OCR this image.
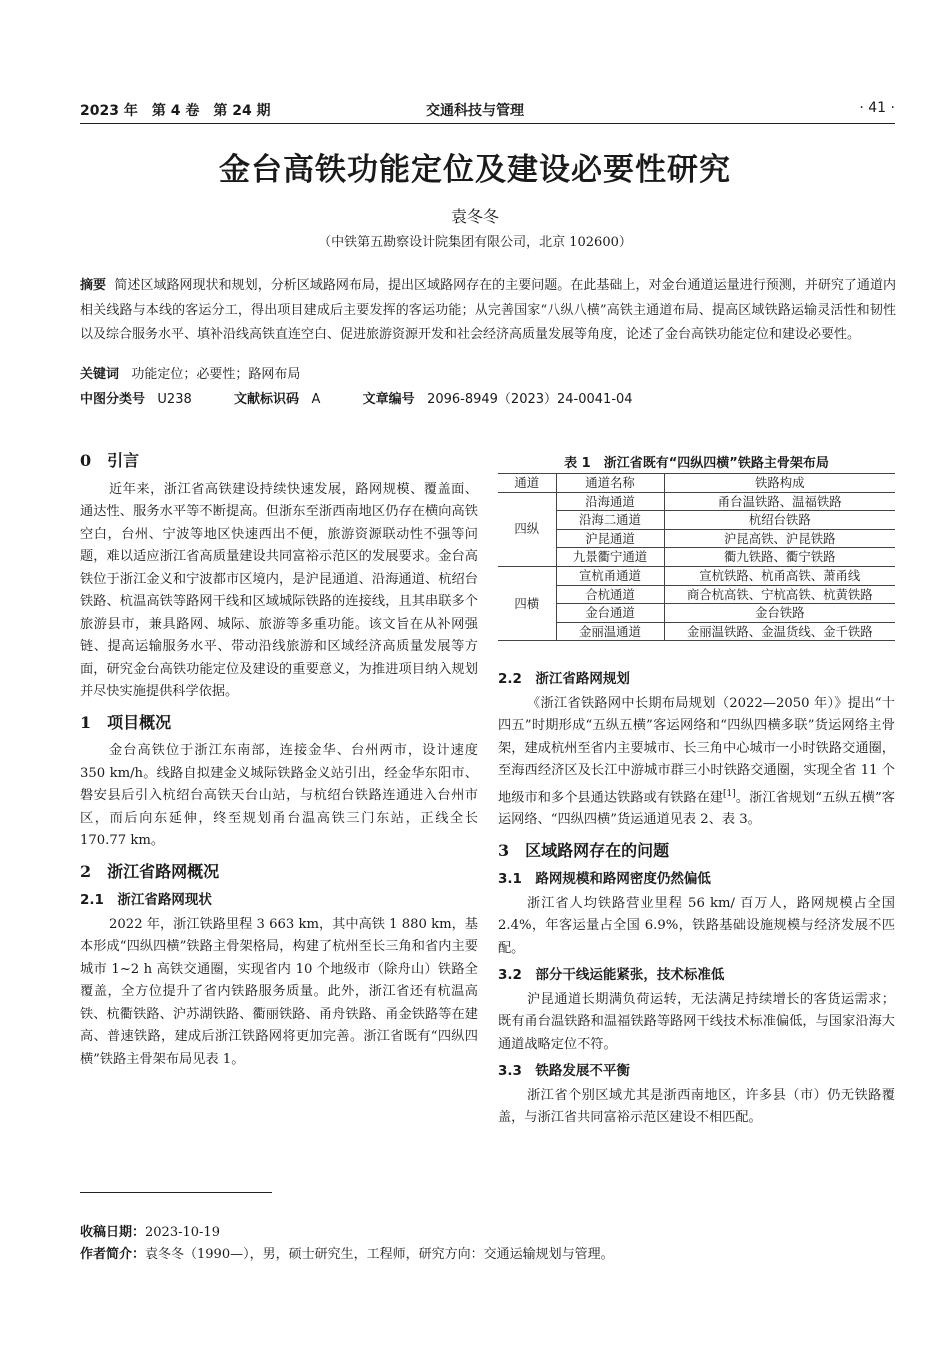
2023 年　第 4 卷　第 24 期	交通科技与管理	· 41 ·
金台高铁功能定位及建设必要性研究
袁冬冬
（中铁第五勘察设计院集团有限公司，北京 102600）
摘要 简述区域路网现状和规划，分析区域路网布局，提出区域路网存在的主要问题。在此基础上，对金台通道运量进行预测，并研究了通道内相关线路与本线的客运分工，得出项目建成后主要发挥的客运功能；从完善国家“八纵八横”高铁主通道布局、提高区域铁路运输灵活性和韧性以及综合服务水平、填补沿线高铁直连空白、促进旅游资源开发和社会经济高质量发展等角度，论述了金台高铁功能定位和建设必要性。
关键词 功能定位；必要性；路网布局
中图分类号 U238	文献标识码 A	文章编号 2096-8949（2023）24-0041-04
0　引言

近年来，浙江省高铁建设持续快速发展，路网规模、覆盖面、通达性、服务水平等不断提高。但浙东至浙西南地区仍存在横向高铁空白，台州、宁波等地区快速西出不便，旅游资源联动性不强等问题，难以适应浙江省高质量建设共同富裕示范区的发展要求。金台高铁位于浙江金义和宁波都市区境内，是沪昆通道、沿海通道、杭绍台铁路、杭温高铁等路网干线和区域城际铁路的连接线，且其串联多个旅游县市，兼具路网、城际、旅游等多重功能。该文旨在从补网强链、提高运输服务水平、带动沿线旅游和区域经济高质量发展等方面，研究金台高铁功能定位及建设的重要意义，为推进项目纳入规划并尽快实施提供科学依据。

1　项目概况

金台高铁位于浙江东南部，连接金华、台州两市，设计速度 350 km/h。线路自拟建金义城际铁路金义站引出，经金华东阳市、磐安县后引入杭绍台高铁天台山站，与杭绍台铁路连通进入台州市区，而后向东延伸，终至规划甬台温高铁三门东站，正线全长 170.77 km。

2　浙江省路网概况
2.1　浙江省路网现状

2022 年，浙江铁路里程 3 663 km，其中高铁 1 880 km，基本形成“四纵四横”铁路主骨架格局，构建了杭州至长三角和省内主要城市 1~2 h 高铁交通圈，实现省内 10 个地级市（除舟山）铁路全覆盖，全方位提升了省内铁路服务质量。此外，浙江省还有杭温高铁、杭衢铁路、沪苏湖铁路、衢丽铁路、甬舟铁路、甬金铁路等在建高、普速铁路，建成后浙江铁路网将更加完善。浙江省既有“四纵四横”铁路主骨架布局见表 1。

表 1　浙江省既有“四纵四横”铁路主骨架布局
通道	通道名称	铁路构成
四纵	沿海通道	甬台温铁路、温福铁路
	沿海二通道	杭绍台铁路
	沪昆通道	沪昆高铁、沪昆铁路
	九景衢宁通道	衢九铁路、衢宁铁路
四横	宣杭甬通道	宣杭铁路、杭甬高铁、萧甬线
	合杭通道	商合杭高铁、宁杭高铁、杭黄铁路
	金台通道	金台铁路
	金丽温通道	金丽温铁路、金温货线、金千铁路
2.2　浙江省路网规划

《浙江省铁路网中长期布局规划（2022—2050 年）》提出“十四五”时期形成“五纵五横”客运网络和“四纵四横多联”货运网络主骨架，建成杭州至省内主要城市、长三角中心城市一小时铁路交通圈，至海西经济区及长江中游城市群三小时铁路交通圈，实现全省 11 个地级市和多个县通达铁路或有铁路在建[1]。浙江省规划“五纵五横”客运网络、“四纵四横”货运通道见表 2、表 3。

3　区域路网存在的问题
3.1　路网规模和路网密度仍然偏低

浙江省人均铁路营业里程 56 km/ 百万人，路网规模占全国 2.4%，年客运量占全国 6.9%，铁路基础设施规模与经济发展不匹配。

3.2　部分干线运能紧张，技术标准低

沪昆通道长期满负荷运转，无法满足持续增长的客货运需求；既有甬台温铁路和温福铁路等路网干线技术标准偏低，与国家沿海大通道战略定位不符。

3.3　铁路发展不平衡

浙江省个别区域尤其是浙西南地区，许多县（市）仍无铁路覆盖，与浙江省共同富裕示范区建设不相匹配。

收稿日期：2023-10-19
作者简介：袁冬冬（1990—），男，硕士研究生，工程师，研究方向：交通运输规划与管理。
